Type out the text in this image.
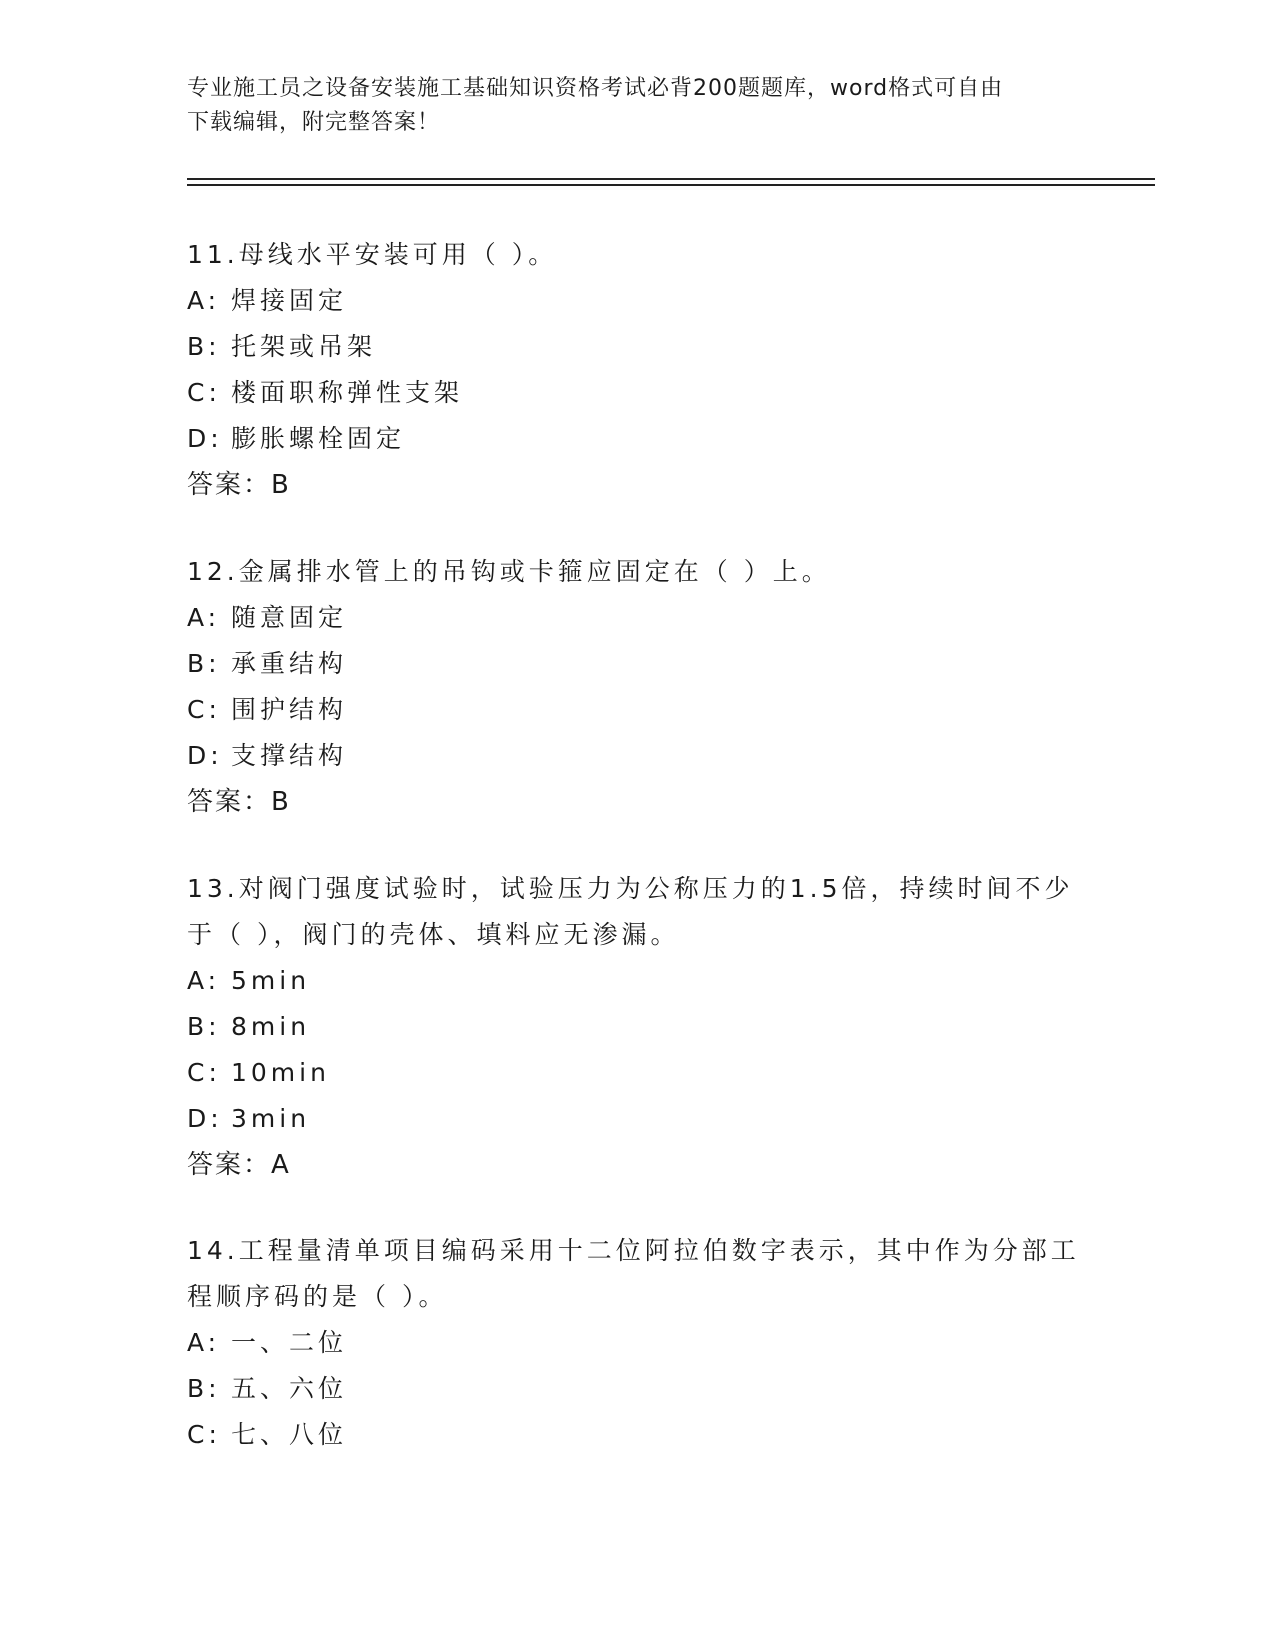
专业施工员之设备安装施工基础知识资格考试必背200题题库，word格式可自由
下载编辑，附完整答案！

11.母线水平安装可用（ ）。

A: 焊接固定

B: 托架或吊架

C: 楼面职称弹性支架

D: 膨胀螺栓固定

答案：B

12.金属排水管上的吊钩或卡箍应固定在（ ）上。

A: 随意固定

B: 承重结构

C: 围护结构

D: 支撑结构

答案：B

13.对阀门强度试验时，试验压力为公称压力的1.5倍，持续时间不少于（ ），阀门的壳体、填料应无渗漏。

A: 5min

B: 8min

C: 10min

D: 3min

答案：A

14.工程量清单项目编码采用十二位阿拉伯数字表示，其中作为分部工程顺序码的是（ ）。

A: 一、二位

B: 五、六位

C: 七、八位
